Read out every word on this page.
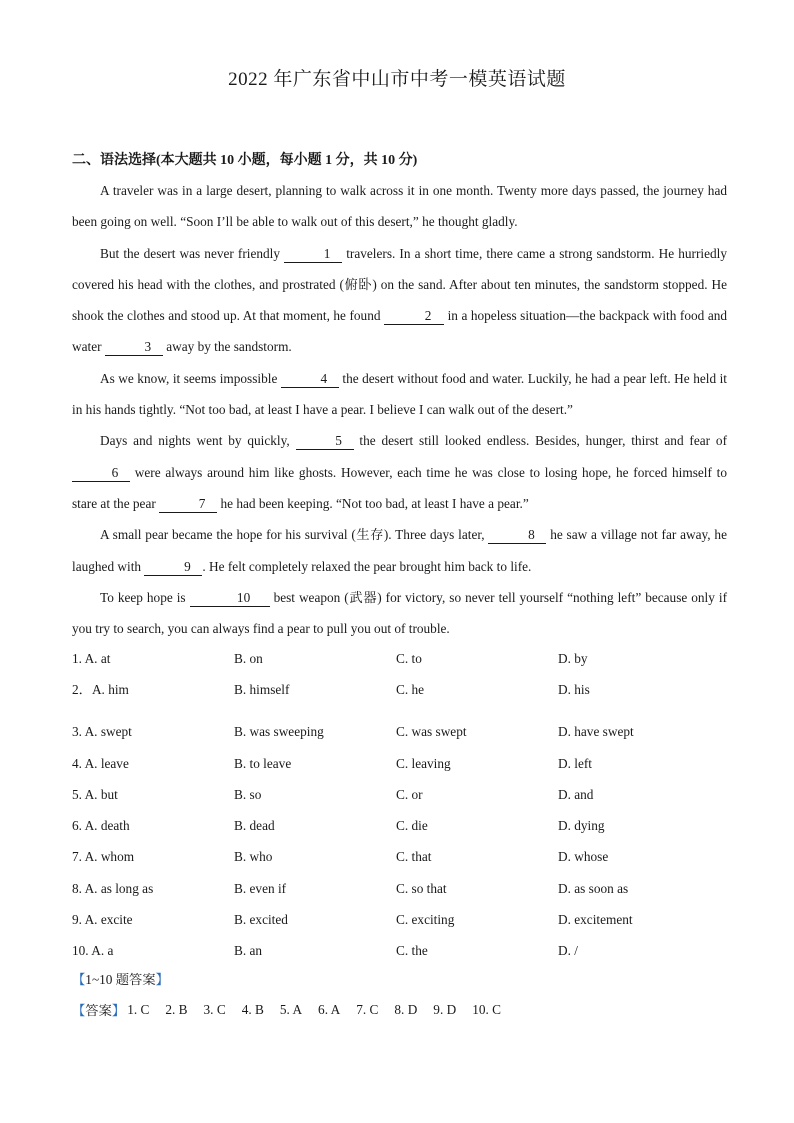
2022 年广东省中山市中考一模英语试题
二、语法选择(本大题共 10 小题，每小题 1 分，共 10 分)

A traveler was in a large desert, planning to walk across it in one month. Twenty more days passed, the journey had been going on well. “Soon I’ll be able to walk out of this desert,” he thought gladly.

But the desert was never friendly	1 travelers. In a short time, there came a strong sandstorm. He hurriedly covered his head with the clothes, and prostrated (俯卧) on the sand. After about ten minutes, the sandstorm stopped. He shook the clothes and stood up. At that moment, he found	2 in a hopeless situation—the backpack with food and water	3 away by the sandstorm.

As we know, it seems impossible	4 the desert without food and water. Luckily, he had a pear left. He held it in his hands tightly. “Not too bad, at least I have a pear. I believe I can walk out of the desert.”

Days and nights went by quickly,	5 the desert still looked endless. Besides, hunger, thirst and fear of 6 were always around him like ghosts. However, each time he was close to losing hope, he forced himself to stare at the pear	7 he had been keeping. “Not too bad, at least I have a pear.”

A small pear became the hope for his survival (生存). Three days later,	8 he saw a village not far away, he laughed with	9 . He felt completely relaxed the pear brought him back to life.

To keep hope is	10 best weapon (武器) for victory, so never tell yourself “nothing left” because only if you try to search, you can always find a pear to pull you out of trouble.

1. A. at	B. on	C. to	D. by
2．A. him	B. himself	C. he	D. his
3. A. swept	B. was sweeping	C. was swept	D. have swept
4. A. leave	B. to leave	C. leaving	D. left
5. A. but	B. so	C. or	D. and
6. A. death	B. dead	C. die	D. dying
7. A. whom	B. who	C. that	D. whose
8. A. as long as	B. even if	C. so that	D. as soon as
9. A. excite	B. excited	C. exciting	D. excitement
10. A. a	B. an	C. the	D. /
【1~10 题答案】
【答案】 1. C 2. B 3. C 4. B 5. A 6. A 7. C 8. D 9. D 10. C
